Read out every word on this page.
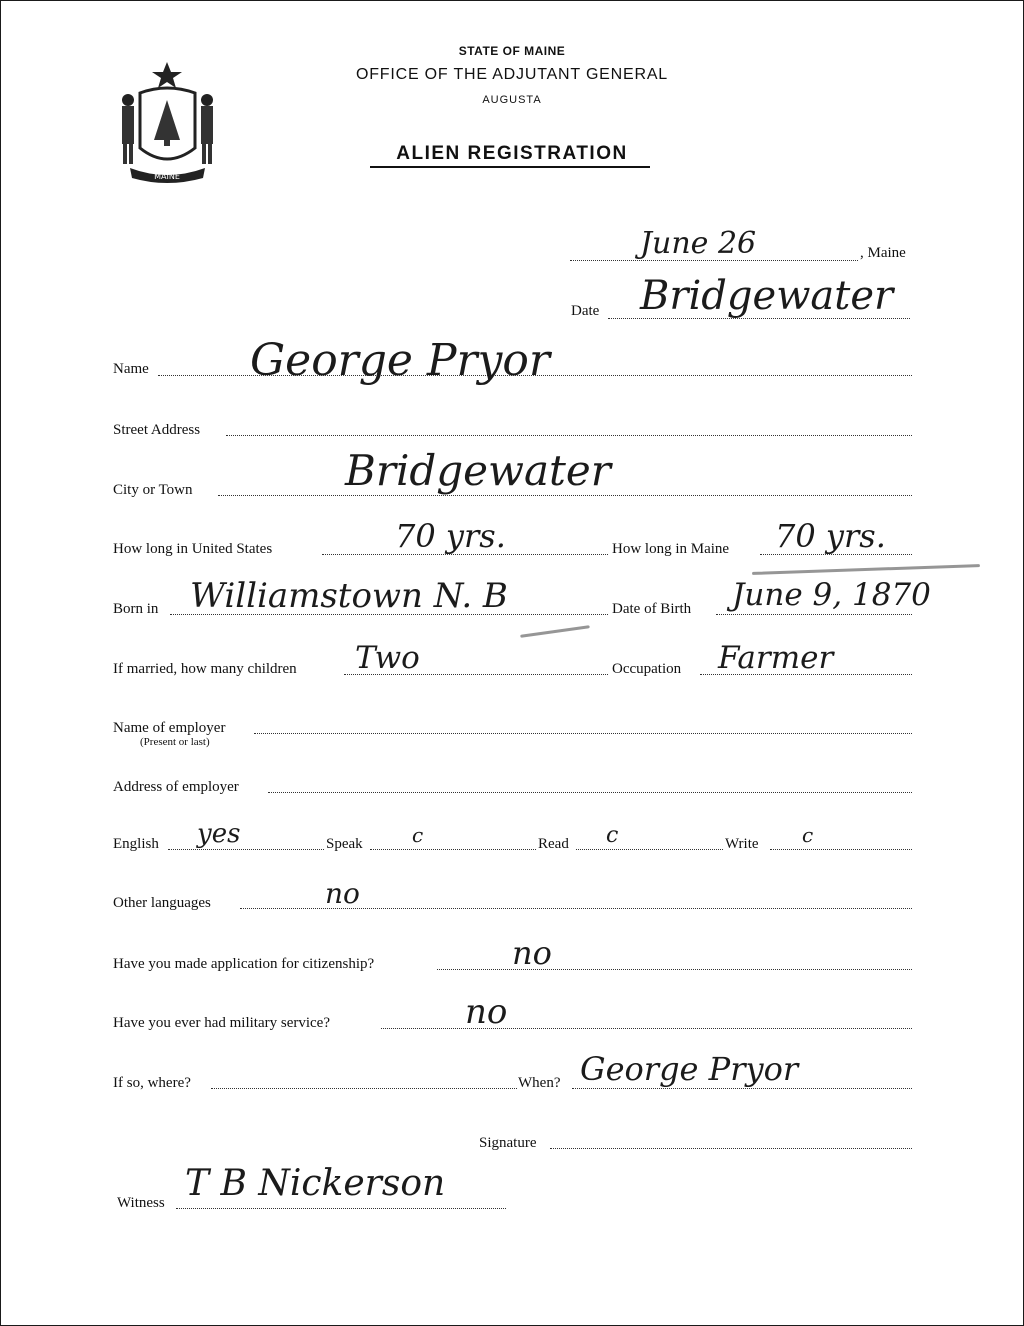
MAINE
STATE OF MAINE
OFFICE OF THE ADJUTANT GENERAL
AUGUSTA
ALIEN REGISTRATION
June 26	, Maine
Date Bridgewater
Name George Pryor
Street Address
City or Town	Bridgewater
How long in United States	70 yrs.	How long in Maine 70 yrs.
Born in Williamstown N. B	Date of Birth June 9, 1870
If married, how many children Two	Occupation Farmer
Name of employer
(Present or last)
Address of employer
English yes	Speak c	Read c	Write c
Other languages	no
Have you made application for citizenship?	no
Have you ever had military service?	no
If so, where?	When? George Pryor
Signature
Witness T B Nickerson
